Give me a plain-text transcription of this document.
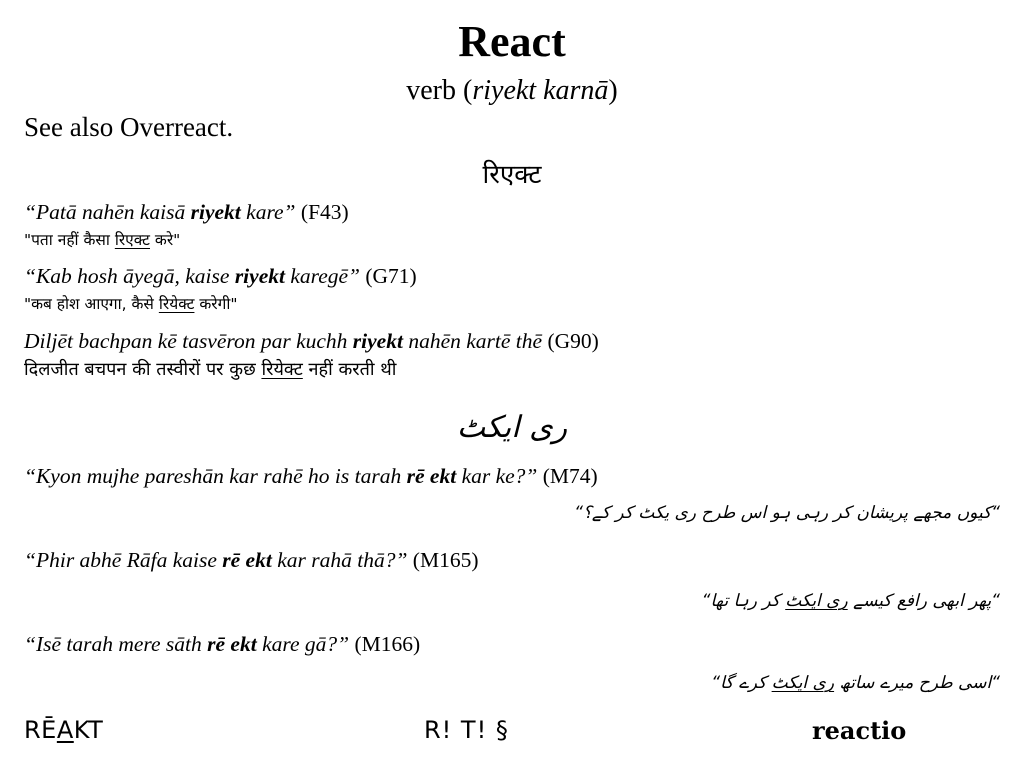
React
verb (riyekt karnā)
See also Overreact.
रिएक्ट
“Patā nahēn kaisā riyekt kare” (F43)
"पता नहीं कैसा रिएक्ट करे"
“Kab hosh āyegā, kaise riyekt karegē” (G71)
"कब होश आएगा, कैसे रियेक्ट करेगी"
Diljēt bachpan kē tasvēron par kuchh riyekt nahēn kartē thē (G90)
दिलजीत बचपन की तस्वीरों पर कुछ रियेक्ट नहीं करती थी
ری ایکٹ
“Kyon mujhe pareshān kar rahē ho is tarah rē ekt kar ke?” (M74)
“کیوں مجھے پریشان کر رہی ہو اس طرح ری یکٹ کر کے؟“
“Phir abhē Rāfa kaise rē ekt kar rahā thā?” (M165)
“پھر ابھی رافع کیسے ری ایکٹ کر رہا تھا“
“Isē tarah mere sāth rē ekt kare gā?” (M166)
“اسی طرح میرے ساتھ ری ایکٹ کرے گا“
RĒAKT	R! T! §	reactio
